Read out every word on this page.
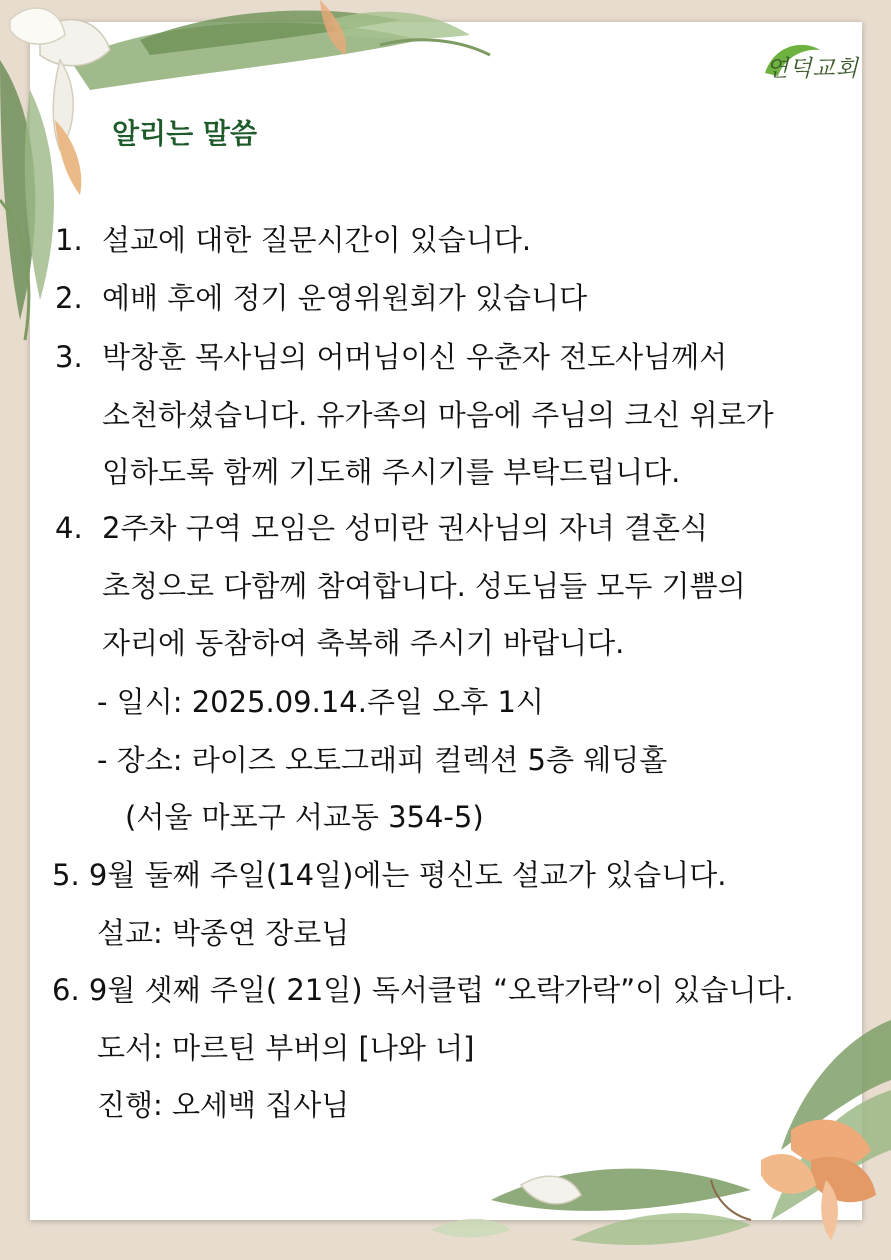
연덕교회
알리는 말씀
1. 설교에 대한 질문시간이 있습니다.
2. 예배 후에 정기 운영위원회가 있습니다
3. 박창훈 목사님의 어머님이신 우춘자 전도사님께서
소천하셨습니다. 유가족의 마음에 주님의 크신 위로가
임하도록 함께 기도해 주시기를 부탁드립니다.
4. 2주차 구역 모임은 성미란 권사님의 자녀 결혼식
초청으로 다함께 참여합니다. 성도님들 모두 기쁨의
자리에 동참하여 축복해 주시기 바랍니다.
- 일시: 2025.09.14.주일 오후 1시
- 장소: 라이즈 오토그래피 컬렉션 5층 웨딩홀
(서울 마포구 서교동 354-5)
5. 9월 둘째 주일(14일)에는 평신도 설교가 있습니다.
설교: 박종연 장로님
6. 9월 셋째 주일( 21일) 독서클럽 “오락가락”이 있습니다.
도서: 마르틴 부버의 [나와 너]
진행: 오세백 집사님
